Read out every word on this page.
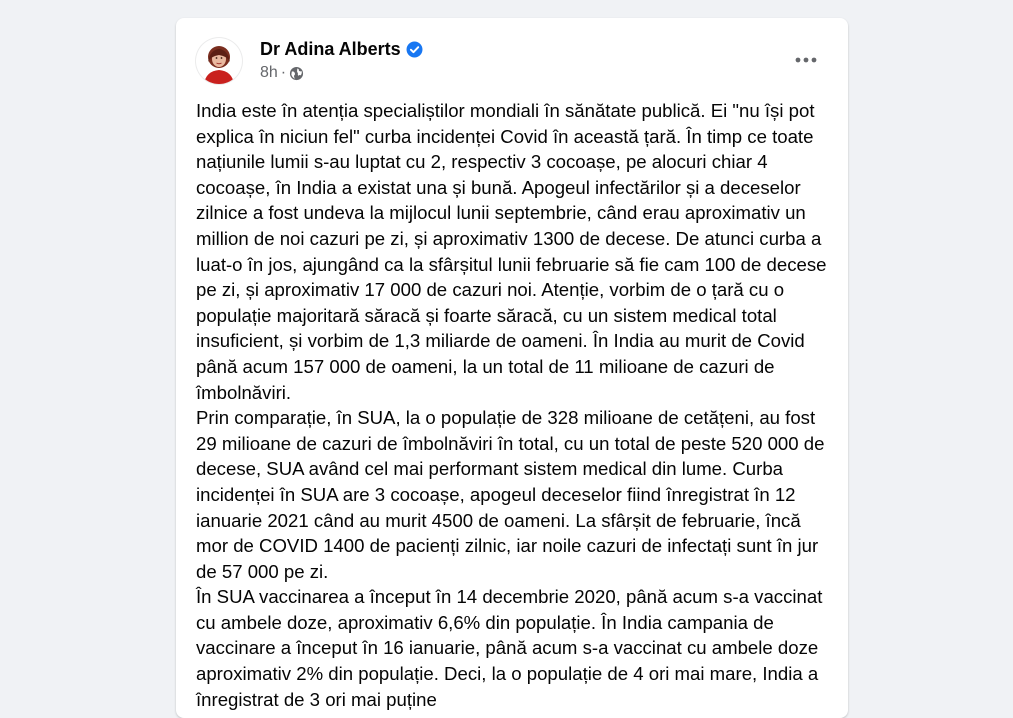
Dr Adina Alberts
8h ·

India este în atenția specialiștilor mondiali în sănătate publică. Ei "nu își pot explica în niciun fel" curba incidenței Covid în această țară. În timp ce toate națiunile lumii s-au luptat cu 2, respectiv 3 cocoașe, pe alocuri chiar 4 cocoașe, în India a existat una și bună. Apogeul infectărilor și a deceselor zilnice a fost undeva la mijlocul lunii septembrie, când erau aproximativ un million de noi cazuri pe zi, și aproximativ 1300 de decese. De atunci curba a luat-o în jos, ajungând ca la sfârșitul lunii februarie să fie cam 100 de decese pe zi, și aproximativ 17 000 de cazuri noi. Atenție, vorbim de o țară cu o populație majoritară săracă și foarte săracă, cu un sistem medical total insuficient, și vorbim de 1,3 miliarde de oameni. În India au murit de Covid până acum 157 000 de oameni, la un total de 11 milioane de cazuri de îmbolnăviri.

Prin comparație, în SUA, la o populație de 328 milioane de cetățeni, au fost 29 milioane de cazuri de îmbolnăviri în total, cu un total de peste 520 000 de decese, SUA având cel mai performant sistem medical din lume. Curba incidenței în SUA are 3 cocoașe, apogeul deceselor fiind înregistrat în 12 ianuarie 2021 când au murit 4500 de oameni. La sfârșit de februarie, încă mor de COVID 1400 de pacienți zilnic, iar noile cazuri de infectați sunt în jur de 57 000 pe zi.

În SUA vaccinarea a început în 14 decembrie 2020, până acum s-a vaccinat cu ambele doze, aproximativ 6,6% din populație. În India campania de vaccinare a început în 16 ianuarie, până acum s-a vaccinat cu ambele doze aproximativ 2% din populație. Deci, la o populație de 4 ori mai mare, India a înregistrat de 3 ori mai puține
